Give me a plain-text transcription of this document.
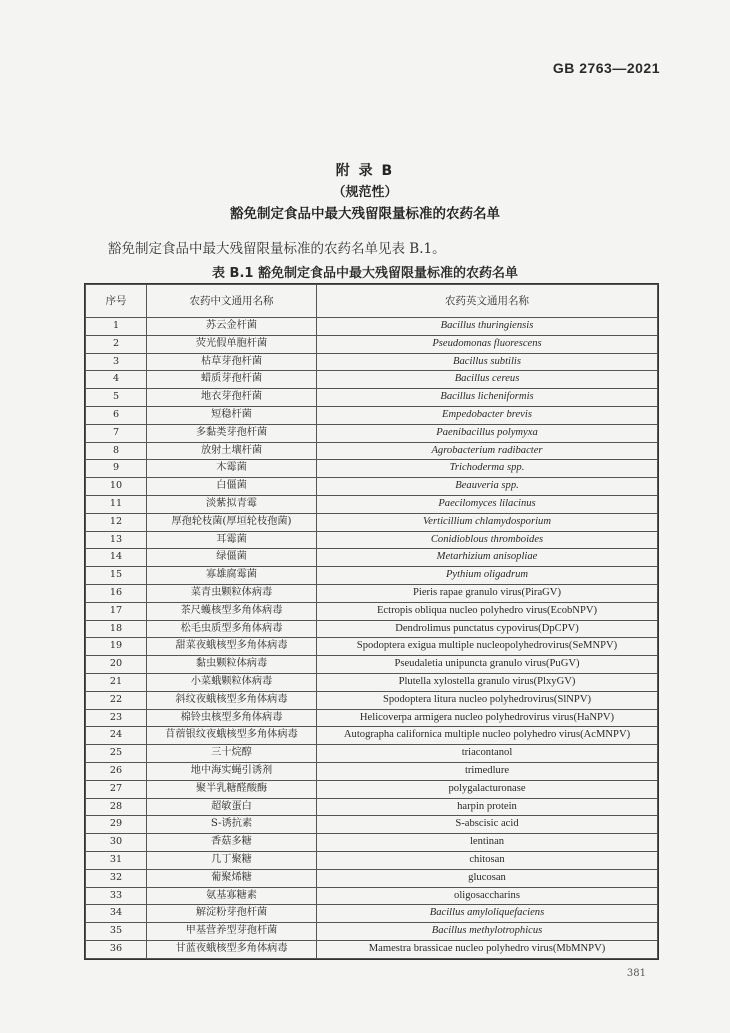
GB 2763—2021
附 录 B
（规范性）
豁免制定食品中最大残留限量标准的农药名单
豁免制定食品中最大残留限量标准的农药名单见表 B.1。
表 B.1 豁免制定食品中最大残留限量标准的农药名单
序号	农药中文通用名称	农药英文通用名称
1	苏云金杆菌	Bacillus thuringiensis
2	荧光假单胞杆菌	Pseudomonas fluorescens
3	枯草芽孢杆菌	Bacillus subtilis
4	蜡质芽孢杆菌	Bacillus cereus
5	地衣芽孢杆菌	Bacillus licheniformis
6	短稳杆菌	Empedobacter brevis
7	多黏类芽孢杆菌	Paenibacillus polymyxa
8	放射土壤杆菌	Agrobacterium radibacter
9	木霉菌	Trichoderma spp.
10	白僵菌	Beauveria spp.
11	淡紫拟青霉	Paecilomyces lilacinus
12	厚孢轮枝菌(厚垣轮枝孢菌)	Verticillium chlamydosporium
13	耳霉菌	Conidioblous thromboides
14	绿僵菌	Metarhizium anisopliae
15	寡雄腐霉菌	Pythium oligadrum
16	菜青虫颗粒体病毒	Pieris rapae granulo virus(PiraGV)
17	茶尺蠖核型多角体病毒	Ectropis obliqua nucleo polyhedro virus(EcobNPV)
18	松毛虫质型多角体病毒	Dendrolimus punctatus cypovirus(DpCPV)
19	甜菜夜蛾核型多角体病毒	Spodoptera exigua multiple nucleopolyhedrovirus(SeMNPV)
20	黏虫颗粒体病毒	Pseudaletia unipuncta granulo virus(PuGV)
21	小菜蛾颗粒体病毒	Plutella xylostella granulo virus(PlxyGV)
22	斜纹夜蛾核型多角体病毒	Spodoptera litura nucleo polyhedrovirus(SlNPV)
23	棉铃虫核型多角体病毒	Helicoverpa armigera nucleo polyhedrovirus virus(HaNPV)
24	苜蓿银纹夜蛾核型多角体病毒	Autographa californica multiple nucleo polyhedro virus(AcMNPV)
25	三十烷醇	triacontanol
26	地中海实蝇引诱剂	trimedlure
27	聚半乳糖醛酸酶	polygalacturonase
28	超敏蛋白	harpin protein
29	S-诱抗素	S-abscisic acid
30	香菇多糖	lentinan
31	几丁聚糖	chitosan
32	葡聚烯糖	glucosan
33	氨基寡糖素	oligosaccharins
34	解淀粉芽孢杆菌	Bacillus amyloliquefaciens
35	甲基营养型芽孢杆菌	Bacillus methylotrophicus
36	甘蓝夜蛾核型多角体病毒	Mamestra brassicae nucleo polyhedro virus(MbMNPV)
381
